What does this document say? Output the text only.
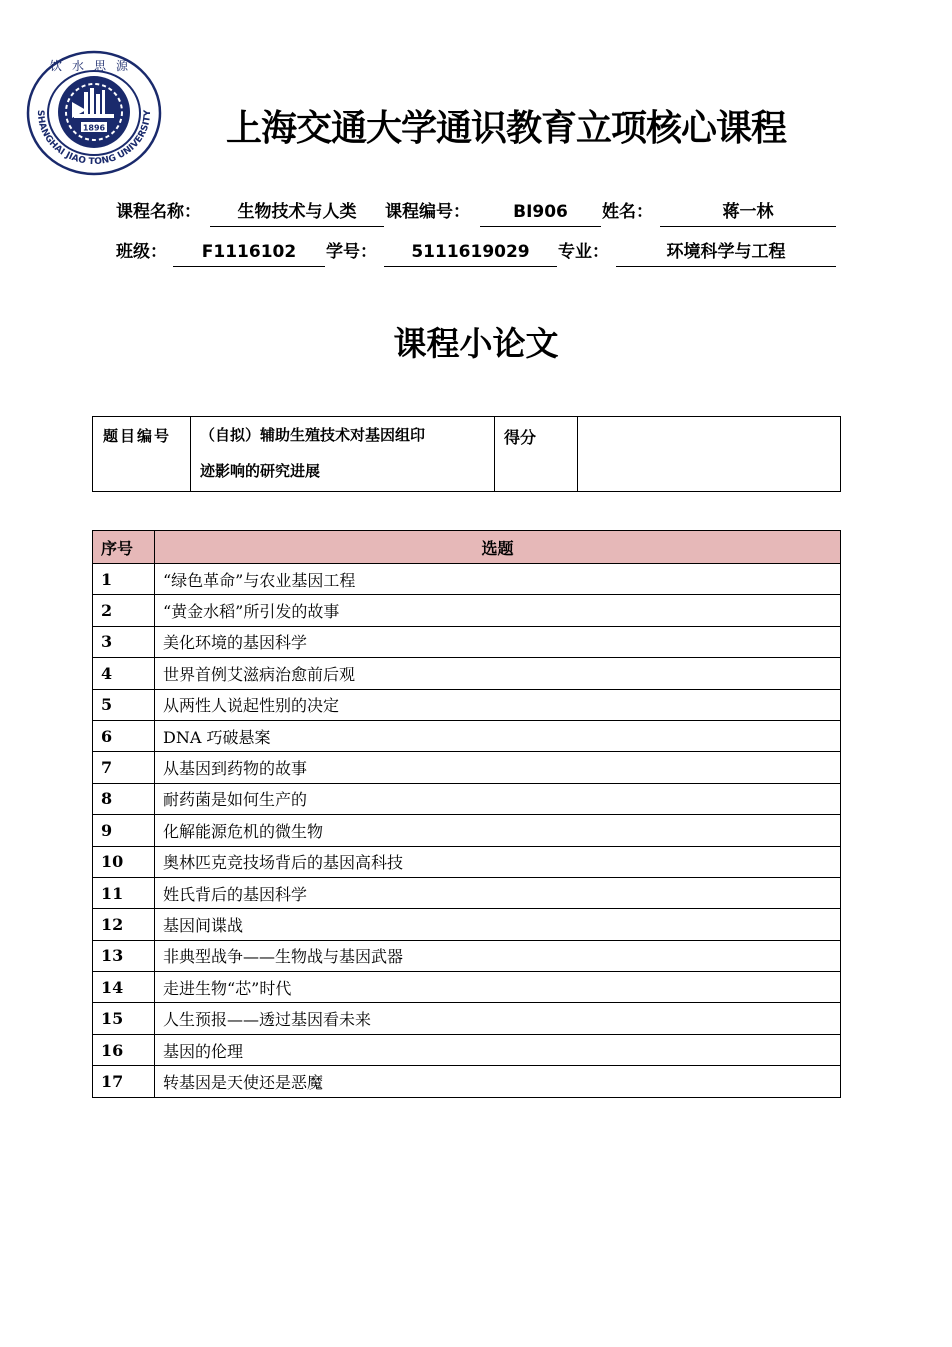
SHANGHAI JIAO TONG UNIVERSITY
饮水思源
1896	上海交通大学通识教育立项核心课程
课程名称：	生物技术与人类	课程编号：	BI906	姓名：	蒋一林
班级：	F1116102	学号：	5111619029	专业：	环境科学与工程
课程小论文
题目编号	（自拟）辅助生殖技术对基因组印
迹影响的研究进展
得分
序号	选题
1	“绿色革命”与农业基因工程
2	“黄金水稻”所引发的故事
3	美化环境的基因科学
4	世界首例艾滋病治愈前后观
5	从两性人说起性别的决定
6	DNA 巧破悬案
7	从基因到药物的故事
8	耐药菌是如何生产的
9	化解能源危机的微生物
10	奥林匹克竞技场背后的基因高科技
11	姓氏背后的基因科学
12	基因间谍战
13	非典型战争——生物战与基因武器
14	走进生物“芯”时代
15	人生预报——透过基因看未来
16	基因的伦理
17	转基因是天使还是恶魔
